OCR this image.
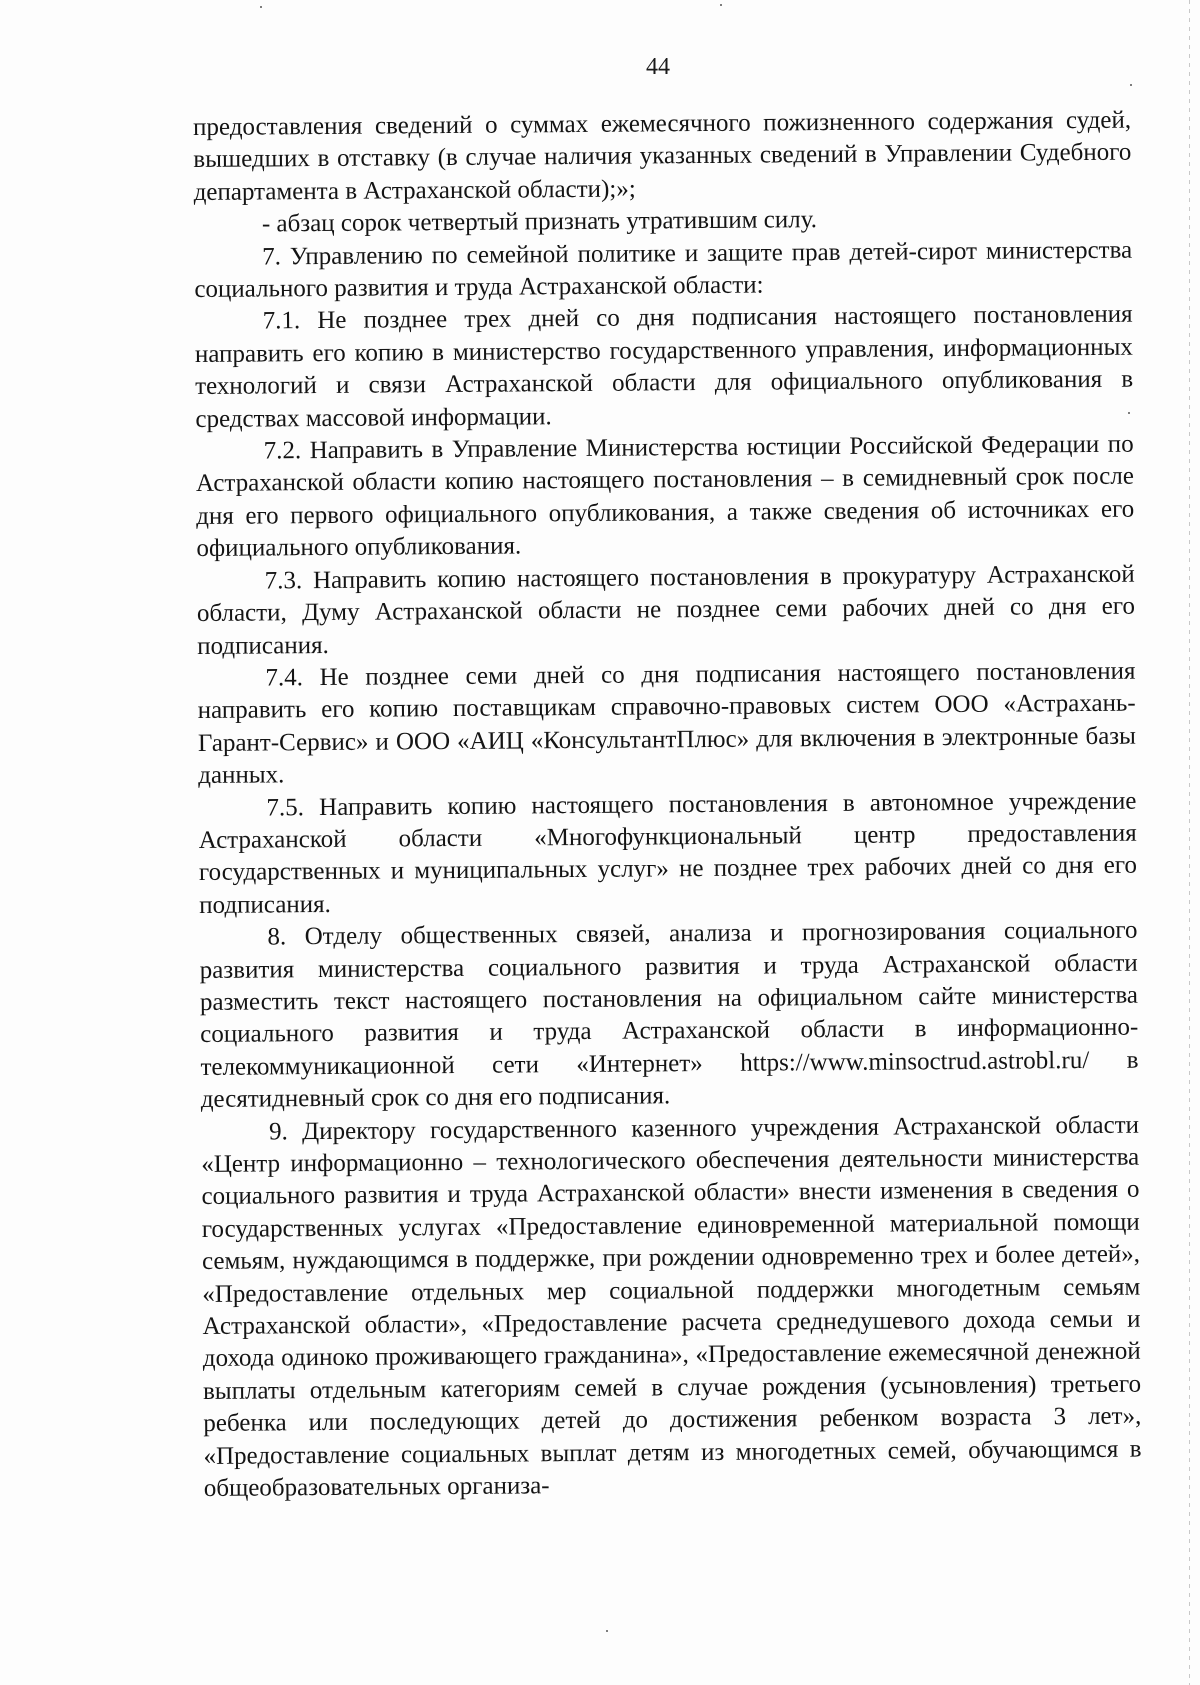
44

предоставления сведений о суммах ежемесячного пожизненного содержания судей, вышедших в отставку (в случае наличия указанных сведений в Управлении Судебного департамента в Астраханской области);»;

- абзац сорок четвертый признать утратившим силу.

7. Управлению по семейной политике и защите прав детей-сирот министерства социального развития и труда Астраханской области:

7.1. Не позднее трех дней со дня подписания настоящего постановления направить его копию в министерство государственного управления, информационных технологий и связи Астраханской области для официального опубликования в средствах массовой информации.

7.2. Направить в Управление Министерства юстиции Российской Федерации по Астраханской области копию настоящего постановления – в семидневный срок после дня его первого официального опубликования, а также сведения об источниках его официального опубликования.

7.3. Направить копию настоящего постановления в прокуратуру Астраханской области, Думу Астраханской области не позднее семи рабочих дней со дня его подписания.

7.4. Не позднее семи дней со дня подписания настоящего постановления направить его копию поставщикам справочно-правовых систем ООО «Астрахань-Гарант-Сервис» и ООО «АИЦ «КонсультантПлюс» для включения в электронные базы данных.

7.5. Направить копию настоящего постановления в автономное учреждение Астраханской области «Многофункциональный центр предоставления государственных и муниципальных услуг» не позднее трех рабочих дней со дня его подписания.

8. Отделу общественных связей, анализа и прогнозирования социального развития министерства социального развития и труда Астраханской области разместить текст настоящего постановления на официальном сайте министерства социального развития и труда Астраханской области в информационно-телекоммуникационной сети «Интернет» https://www.minsoctrud.astrobl.ru/ в десятидневный срок со дня его подписания.

9. Директору государственного казенного учреждения Астраханской области «Центр информационно – технологического обеспечения деятельности министерства социального развития и труда Астраханской области» внести изменения в сведения о государственных услугах «Предоставление единовременной материальной помощи семьям, нуждающимся в поддержке, при рождении одновременно трех и более детей», «Предоставление отдельных мер социальной поддержки многодетным семьям Астраханской области», «Предоставление расчета среднедушевого дохода семьи и дохода одиноко проживающего гражданина», «Предоставление ежемесячной денежной выплаты отдельным категориям семей в случае рождения (усыновления) третьего ребенка или последующих детей до достижения ребенком возраста 3 лет», «Предоставление социальных выплат детям из многодетных семей, обучающимся в общеобразовательных организа-
